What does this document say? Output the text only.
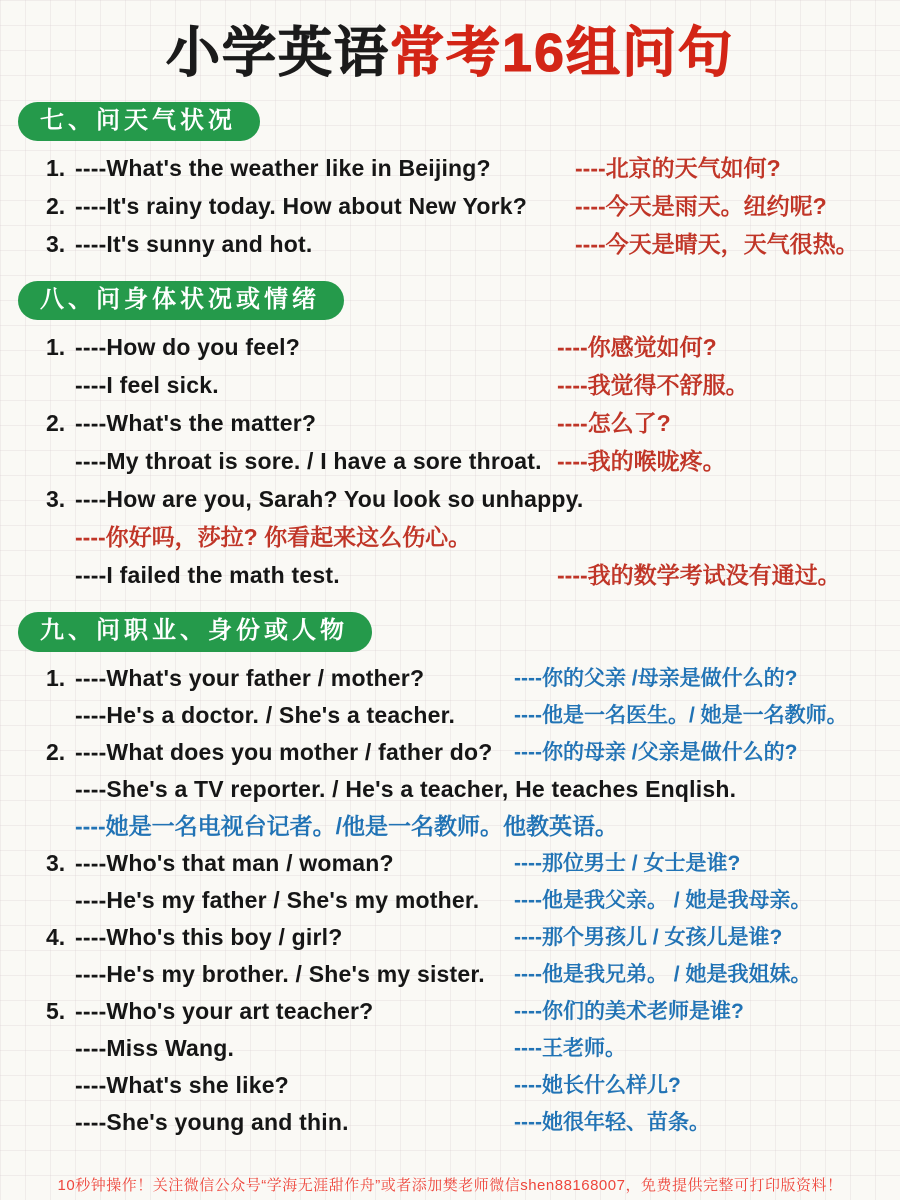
小学英语常考16组问句
七、问天气状况
1. ----What's the weather like in Beijing?	----北京的天气如何?
2. ----It's rainy today. How about New York? ----今天是雨天。纽约呢?
3. ----It's sunny and hot.	----今天是晴天，天气很热。
八、问身体状况或情绪
1. ----How do you feel?	----你感觉如何?
----I feel sick.	----我觉得不舒服。
2. ----What's the matter?	----怎么了?
----My throat is sore. / I have a sore throat. ----我的喉咙疼。
3. ----How are you, Sarah? You look so unhappy.
----你好吗，莎拉? 你看起来这么伤心。
----I failed the math test.	----我的数学考试没有通过。
九、问职业、身份或人物
1. ----What's your father / mother?	----你的父亲 /母亲是做什么的?
----He's a doctor. / She's a teacher.	----他是一名医生。/ 她是一名教师。
2. ----What does you mother / father do? ----你的母亲 /父亲是做什么的?
----She's a TV reporter. / He's a teacher, He teaches Enqlish.
----她是一名电视台记者。/他是一名教师。他教英语。
3. ----Who's that man / woman?	----那位男士 / 女士是谁?
----He's my father / She's my mother. ----他是我父亲。 / 她是我母亲。
4. ----Who's this boy / girl?	----那个男孩儿 / 女孩儿是谁?
----He's my brother. / She's my sister. ----他是我兄弟。 / 她是我姐妹。
5. ----Who's your art teacher?	----你们的美术老师是谁?
----Miss Wang.	----王老师。
----What's she like?	----她长什么样儿?
----She's young and thin.	----她很年轻、苗条。
10秒钟操作！关注微信公众号“学海无涯甜作舟”或者添加樊老师微信shen88168007，免费提供完整可打印版资料！
